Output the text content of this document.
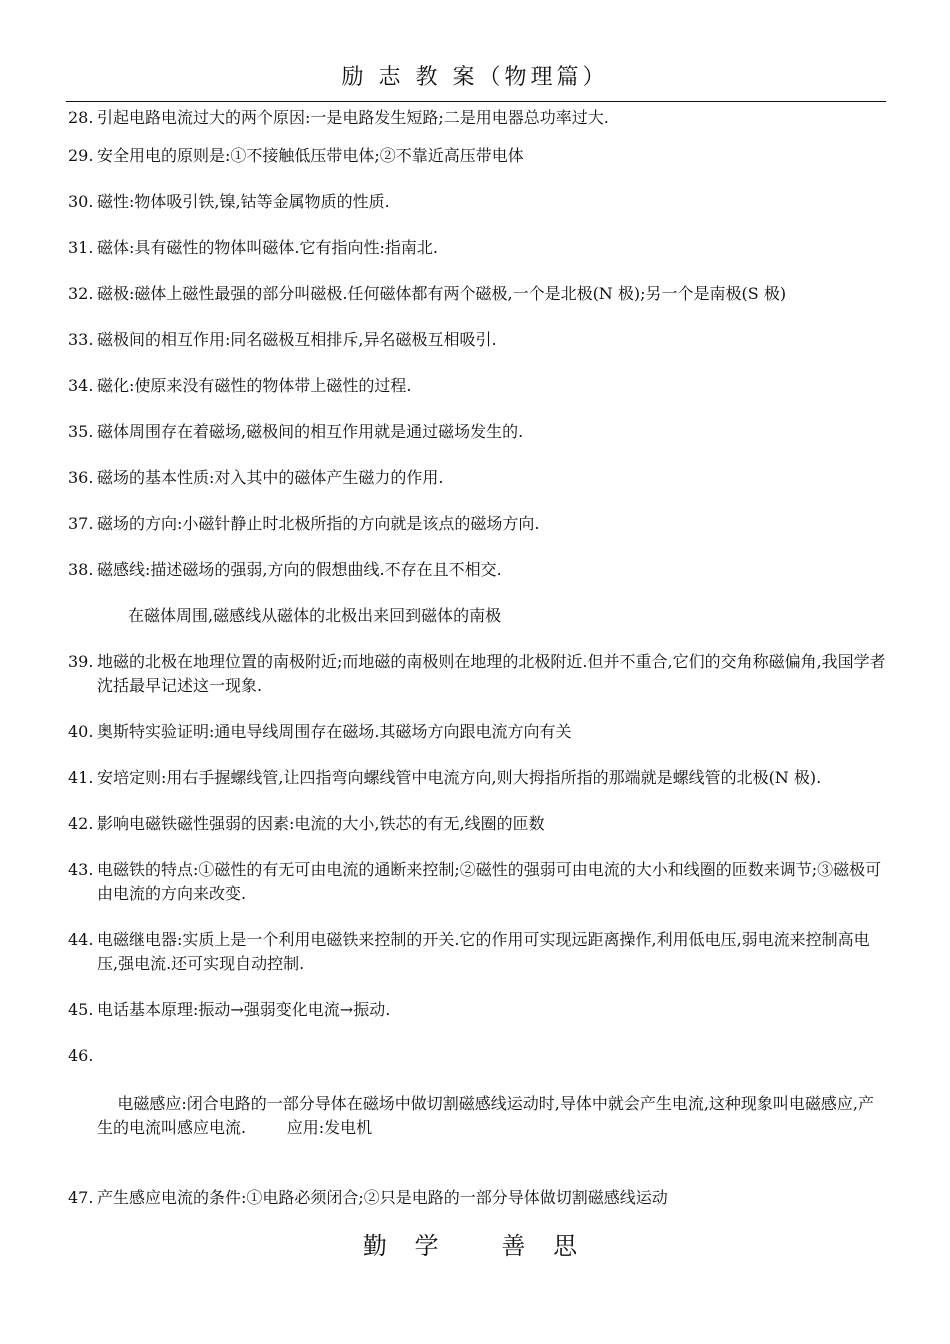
励 志 教 案（物理篇）
28. 引起电路电流过大的两个原因:一是电路发生短路;二是用电器总功率过大.
29. 安全用电的原则是:①不接触低压带电体;②不靠近高压带电体
30. 磁性:物体吸引铁,镍,钴等金属物质的性质.
31. 磁体:具有磁性的物体叫磁体.它有指向性:指南北.
32. 磁极:磁体上磁性最强的部分叫磁极.任何磁体都有两个磁极,一个是北极(N 极);另一个是南极(S 极)
33. 磁极间的相互作用:同名磁极互相排斥,异名磁极互相吸引.
34. 磁化:使原来没有磁性的物体带上磁性的过程.
35. 磁体周围存在着磁场,磁极间的相互作用就是通过磁场发生的.
36. 磁场的基本性质:对入其中的磁体产生磁力的作用.
37. 磁场的方向:小磁针静止时北极所指的方向就是该点的磁场方向.
38. 磁感线:描述磁场的强弱,方向的假想曲线.不存在且不相交.
在磁体周围,磁感线从磁体的北极出来回到磁体的南极
39. 地磁的北极在地理位置的南极附近;而地磁的南极则在地理的北极附近.但并不重合,它们的交角称磁偏角,我国学者沈括最早记述这一现象.
40. 奥斯特实验证明:通电导线周围存在磁场.其磁场方向跟电流方向有关
41. 安培定则:用右手握螺线管,让四指弯向螺线管中电流方向,则大拇指所指的那端就是螺线管的北极(N 极).
42. 影响电磁铁磁性强弱的因素:电流的大小,铁芯的有无,线圈的匝数
43. 电磁铁的特点:①磁性的有无可由电流的通断来控制;②磁性的强弱可由电流的大小和线圈的匝数来调节;③磁极可由电流的方向来改变.
44. 电磁继电器:实质上是一个利用电磁铁来控制的开关.它的作用可实现远距离操作,利用低电压,弱电流来控制高电压,强电流.还可实现自动控制.
45. 电话基本原理:振动→强弱变化电流→振动.

46.

电磁感应:闭合电路的一部分导体在磁场中做切割磁感线运动时,导体中就会产生电流,这种现象叫电磁感应,产生的电流叫感应电流.        应用:发电机

47. 产生感应电流的条件:①电路必须闭合;②只是电路的一部分导体做切割磁感线运动
勤 学   善 思
